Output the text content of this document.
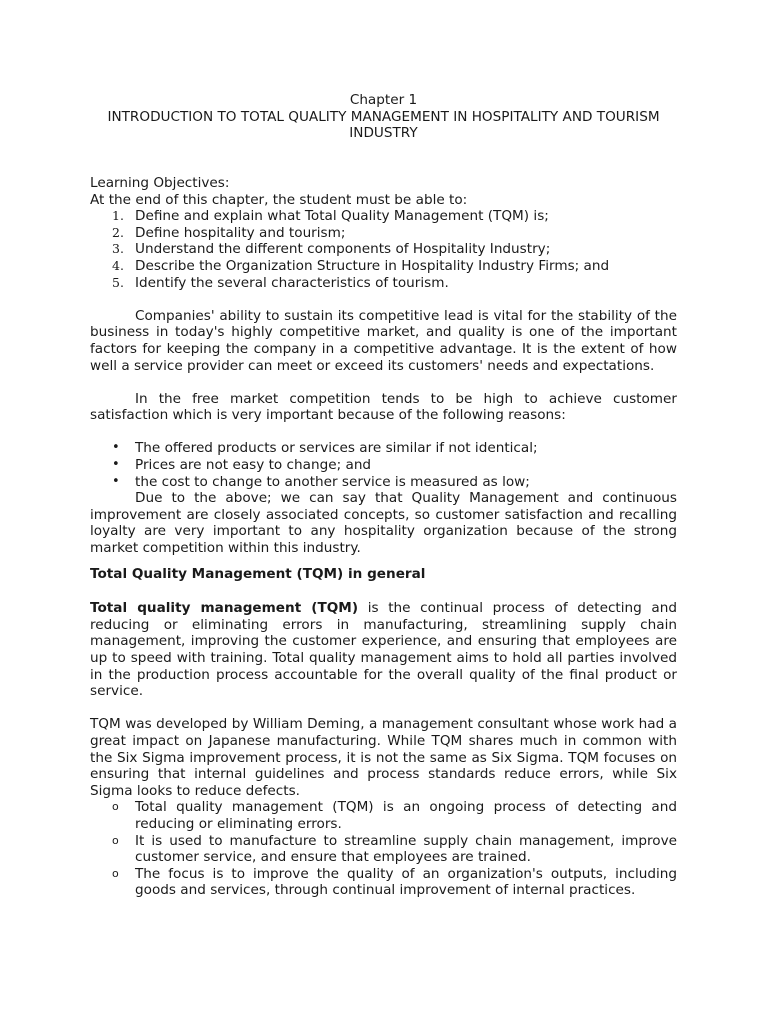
Chapter 1
INTRODUCTION TO TOTAL QUALITY MANAGEMENT IN HOSPITALITY AND TOURISM
INDUSTRY

Learning Objectives:

At the end of this chapter, the student must be able to:

1. Define and explain what Total Quality Management (TQM) is;
2. Define hospitality and tourism;
3. Understand the different components of Hospitality Industry;
4. Describe the Organization Structure in Hospitality Industry Firms; and
5. Identify the several characteristics of tourism.

Companies' ability to sustain its competitive lead is vital for the stability of the business in today's highly competitive market, and quality is one of the important factors for keeping the company in a competitive advantage. It is the extent of how well a service provider can meet or exceed its customers' needs and expectations.

In the free market competition tends to be high to achieve customer satisfaction which is very important because of the following reasons:

• The offered products or services are similar if not identical;
• Prices are not easy to change; and
• the cost to change to another service is measured as low;

Due to the above; we can say that Quality Management and continuous improvement are closely associated concepts, so customer satisfaction and recalling loyalty are very important to any hospitality organization because of the strong market competition within this industry.

Total Quality Management (TQM) in general

Total quality management (TQM) is the continual process of detecting and reducing or eliminating errors in manufacturing, streamlining supply chain management, improving the customer experience, and ensuring that employees are up to speed with training. Total quality management aims to hold all parties involved in the production process accountable for the overall quality of the final product or service.

TQM was developed by William Deming, a management consultant whose work had a great impact on Japanese manufacturing. While TQM shares much in common with the Six Sigma improvement process, it is not the same as Six Sigma. TQM focuses on ensuring that internal guidelines and process standards reduce errors, while Six Sigma looks to reduce defects.

o Total quality management (TQM) is an ongoing process of detecting and reducing or eliminating errors.
o It is used to manufacture to streamline supply chain management, improve customer service, and ensure that employees are trained.
o The focus is to improve the quality of an organization's outputs, including goods and services, through continual improvement of internal practices.
